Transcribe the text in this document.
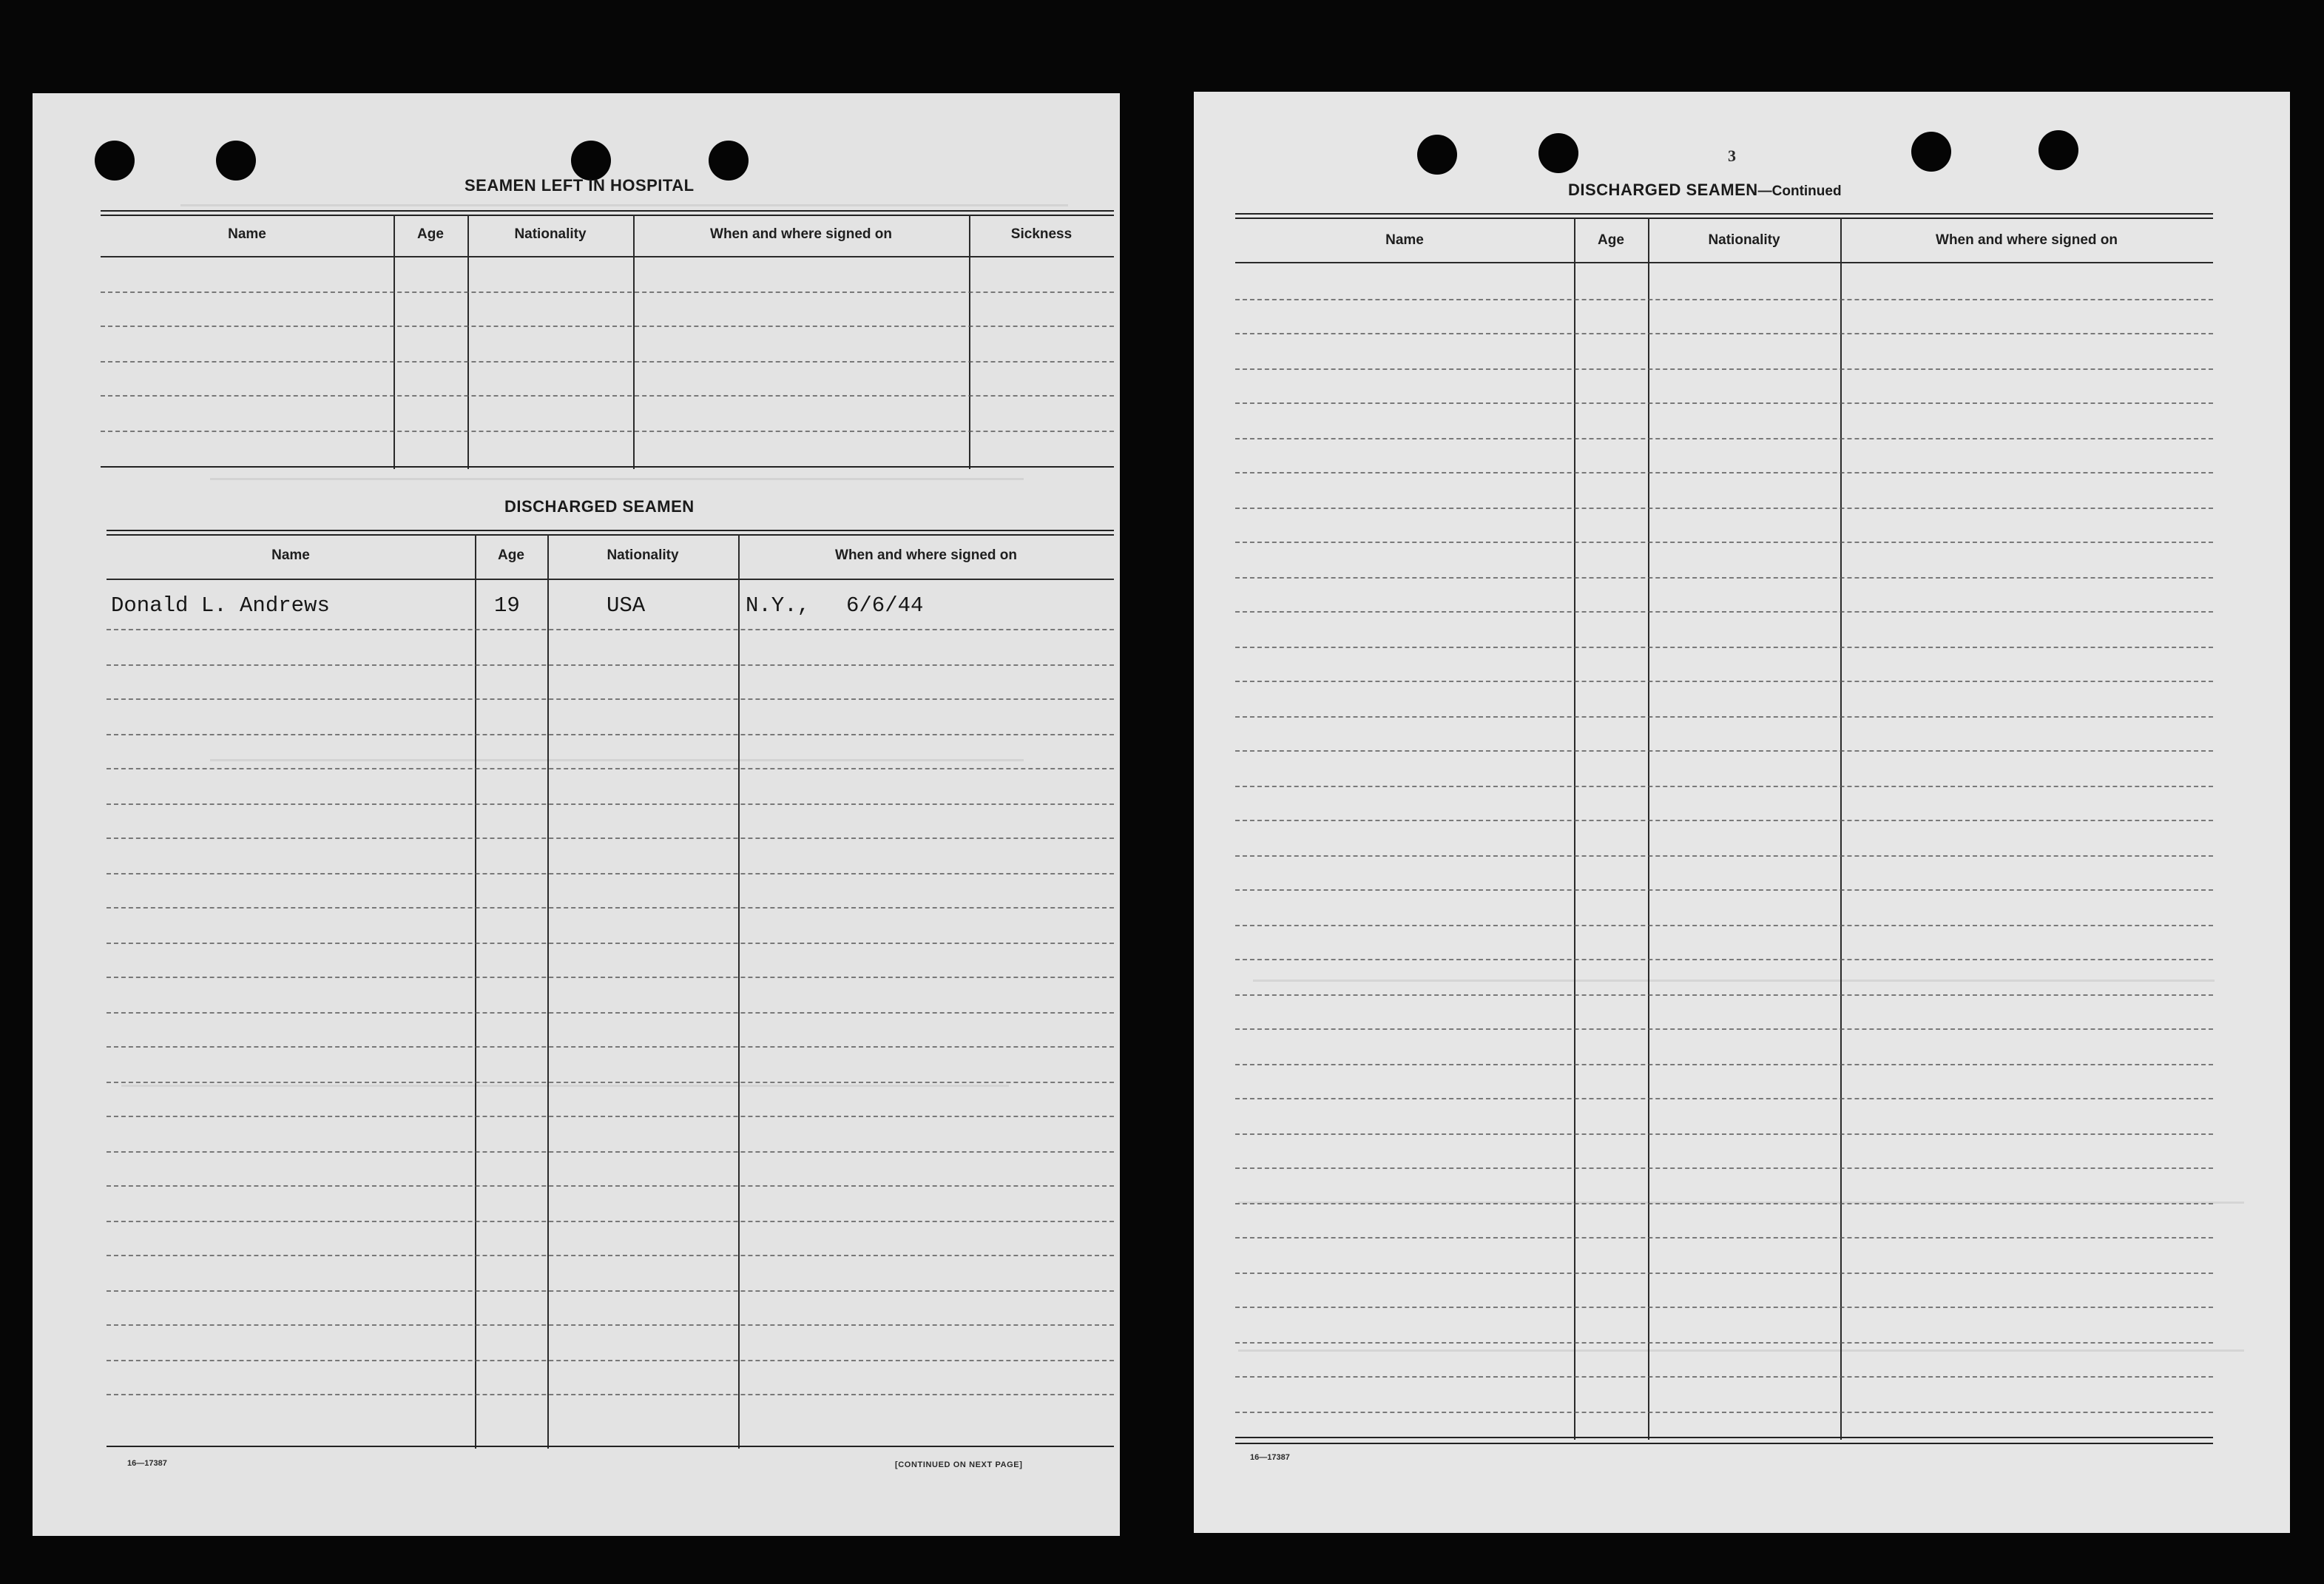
SEAMEN LEFT IN HOSPITAL
Name	Age	Nationality	When and where signed on	Sickness
DISCHARGED SEAMEN
Name	Age	Nationality	When and where signed on
Donald L. Andrews	19	USA	N.Y., 6/6/44
16—17387	[CONTINUED ON NEXT PAGE]
3
DISCHARGED SEAMEN—Continued
Name	Age	Nationality	When and where signed on
16—17387
